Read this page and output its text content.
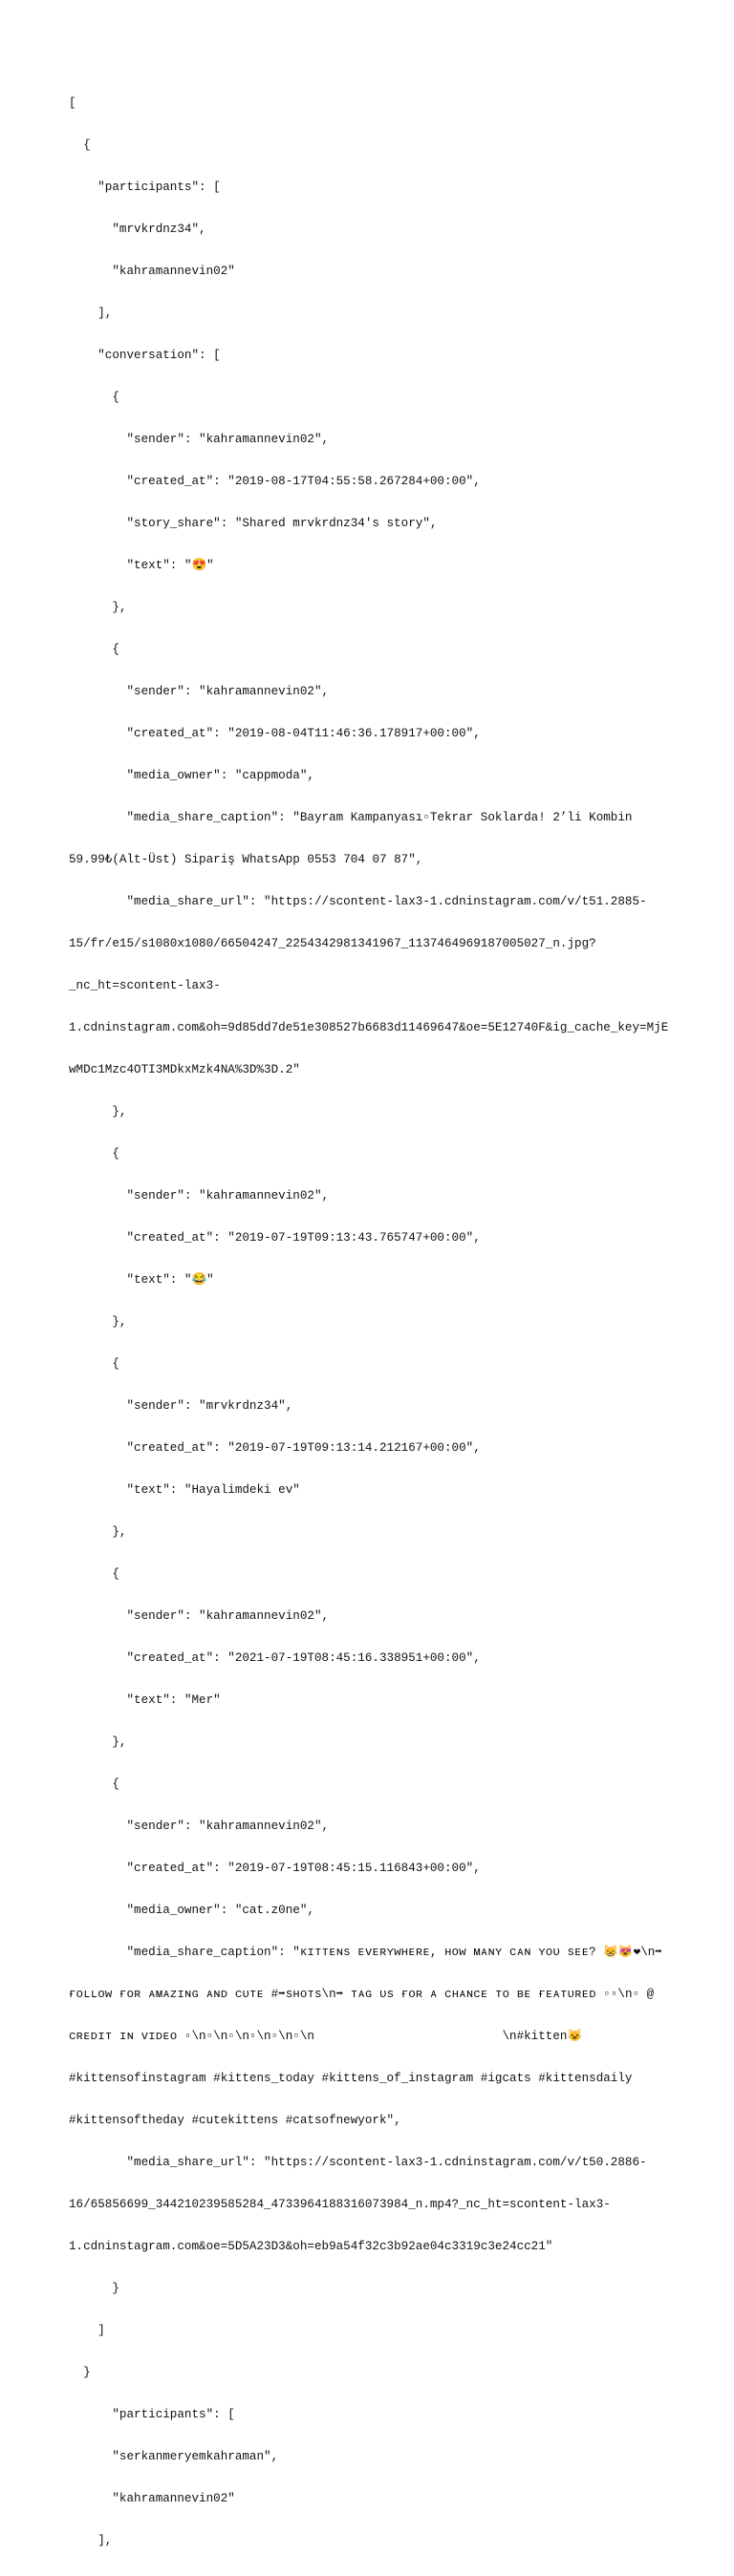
[

{

"participants": [

"mrvkrdnz34",

"kahramannevin02"

],

"conversation": [

{

"sender": "kahramannevin02",

"created_at": "2019-08-17T04:55:58.267284+00:00",

"story_share": "Shared mrvkrdnz34's story",

"text": "😍"

},

{

"sender": "kahramannevin02",

"created_at": "2019-08-04T11:46:36.178917+00:00",

"media_owner": "cappmoda",

"media_share_caption": "Bayram Kampanyası▫Tekrar Soklarda! 2’li Kombin

59.99₺(Alt-Üst) Sipariş WhatsApp 0553 704 07 87",

"media_share_url": "https://scontent-lax3-1.cdninstagram.com/v/t51.2885-

15/fr/e15/s1080x1080/66504247_2254342981341967_1137464969187005027_n.jpg?

_nc_ht=scontent-lax3-

1.cdninstagram.com&oh=9d85dd7de51e308527b6683d11469647&oe=5E12740F&ig_cache_key=MjE

wMDc1Mzc4OTI3MDkxMzk4NA%3D%3D.2"

},

{

"sender": "kahramannevin02",

"created_at": "2019-07-19T09:13:43.765747+00:00",

"text": "😂"

},

{

"sender": "mrvkrdnz34",

"created_at": "2019-07-19T09:13:14.212167+00:00",

"text": "Hayalimdeki ev"

},

{

"sender": "kahramannevin02",

"created_at": "2021-07-19T08:45:16.338951+00:00",

"text": "Mer"

},

{

"sender": "kahramannevin02",

"created_at": "2019-07-19T08:45:15.116843+00:00",

"media_owner": "cat.z0ne",

"media_share_caption": "ᴋɪᴛᴛᴇɴs ᴇᴠᴇʀʏᴡʜᴇʀᴇ, ʜᴏᴡ ᴍᴀɴʏ ᴄᴀɴ ʏᴏᴜ sᴇᴇ? 😸😻❤\n➡

ғᴏʟʟᴏᴡ ғᴏʀ ᴀᴍᴀᴢɪɴɢ ᴀɴᴅ ᴄᴜᴛᴇ #➡sʜᴏᴛs\n➡ ᴛᴀɢ ᴜs ғᴏʀ ᴀ ᴄʜᴀɴᴄᴇ ᴛᴏ ʙᴇ ғᴇᴀᴛᴜʀᴇᴅ ▫▫\n▫ @

ᴄʀᴇᴅɪᴛ ɪɴ ᴠɪᴅᴇᴏ ▫\n▫\n▫\n▫\n▫\n▫\n                          \n#kitten😺

#kittensofinstagram #kittens_today #kittens_of_instagram #igcats #kittensdaily

#kittensoftheday #cutekittens #catsofnewyork",

"media_share_url": "https://scontent-lax3-1.cdninstagram.com/v/t50.2886-

16/65856699_344210239585284_4733964188316073984_n.mp4?_nc_ht=scontent-lax3-

1.cdninstagram.com&oe=5D5A23D3&oh=eb9a54f32c3b92ae04c3319c3e24cc21"

}

]

}

"participants": [

"serkanmeryemkahraman",

"kahramannevin02"

],
